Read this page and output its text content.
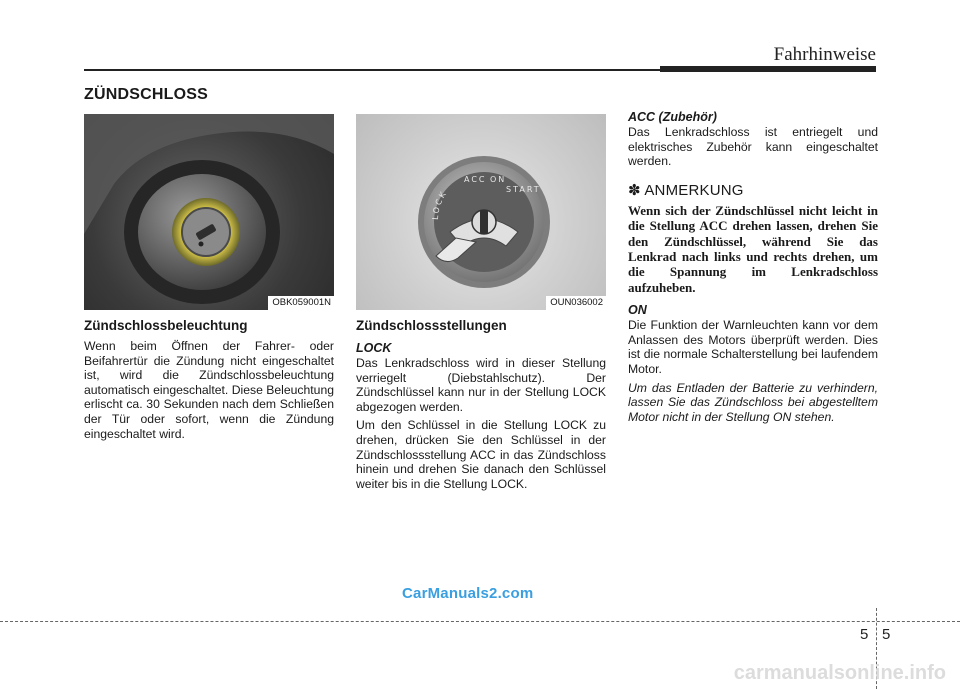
Fahrhinweise
ZÜNDSCHLOSS
OBK059001N
Zündschlossbeleuchtung

Wenn beim Öffnen der Fahrer- oder Beifahrertür die Zündung nicht eingeschaltet ist, wird die Zündschlossbeleuchtung automatisch eingeschaltet. Diese Beleuchtung erlischt ca. 30 Sekunden nach dem Schließen der Tür oder sofort, wenn die Zündung eingeschaltet wird.

LOCK
ACC ON
START
OUN036002
Zündschlossstellungen
LOCK

Das Lenkradschloss wird in dieser Stellung verriegelt (Diebstahlschutz). Der Zündschlüssel kann nur in der Stellung LOCK abgezogen werden.

Um den Schlüssel in die Stellung LOCK zu drehen, drücken Sie den Schlüssel in der Zündschlossstellung ACC in das Zündschloss hinein und drehen Sie danach den Schlüssel weiter bis in die Stellung LOCK.

ACC (Zubehör)

Das Lenkradschloss ist entriegelt und elektrisches Zubehör kann eingeschaltet werden.

✽ ANMERKUNG

Wenn sich der Zündschlüssel nicht leicht in die Stellung ACC drehen lassen, drehen Sie den Zündschlüssel, während Sie das Lenkrad nach links und rechts drehen, um die Spannung im Lenkradschloss aufzuheben.

ON

Die Funktion der Warnleuchten kann vor dem Anlassen des Motors überprüft werden. Dies ist die normale Schalterstellung bei laufendem Motor.

Um das Entladen der Batterie zu verhindern, lassen Sie das Zündschloss bei abgestelltem Motor nicht in der Stellung ON stehen.

CarManuals2.com
5 5
carmanualsonline.info
